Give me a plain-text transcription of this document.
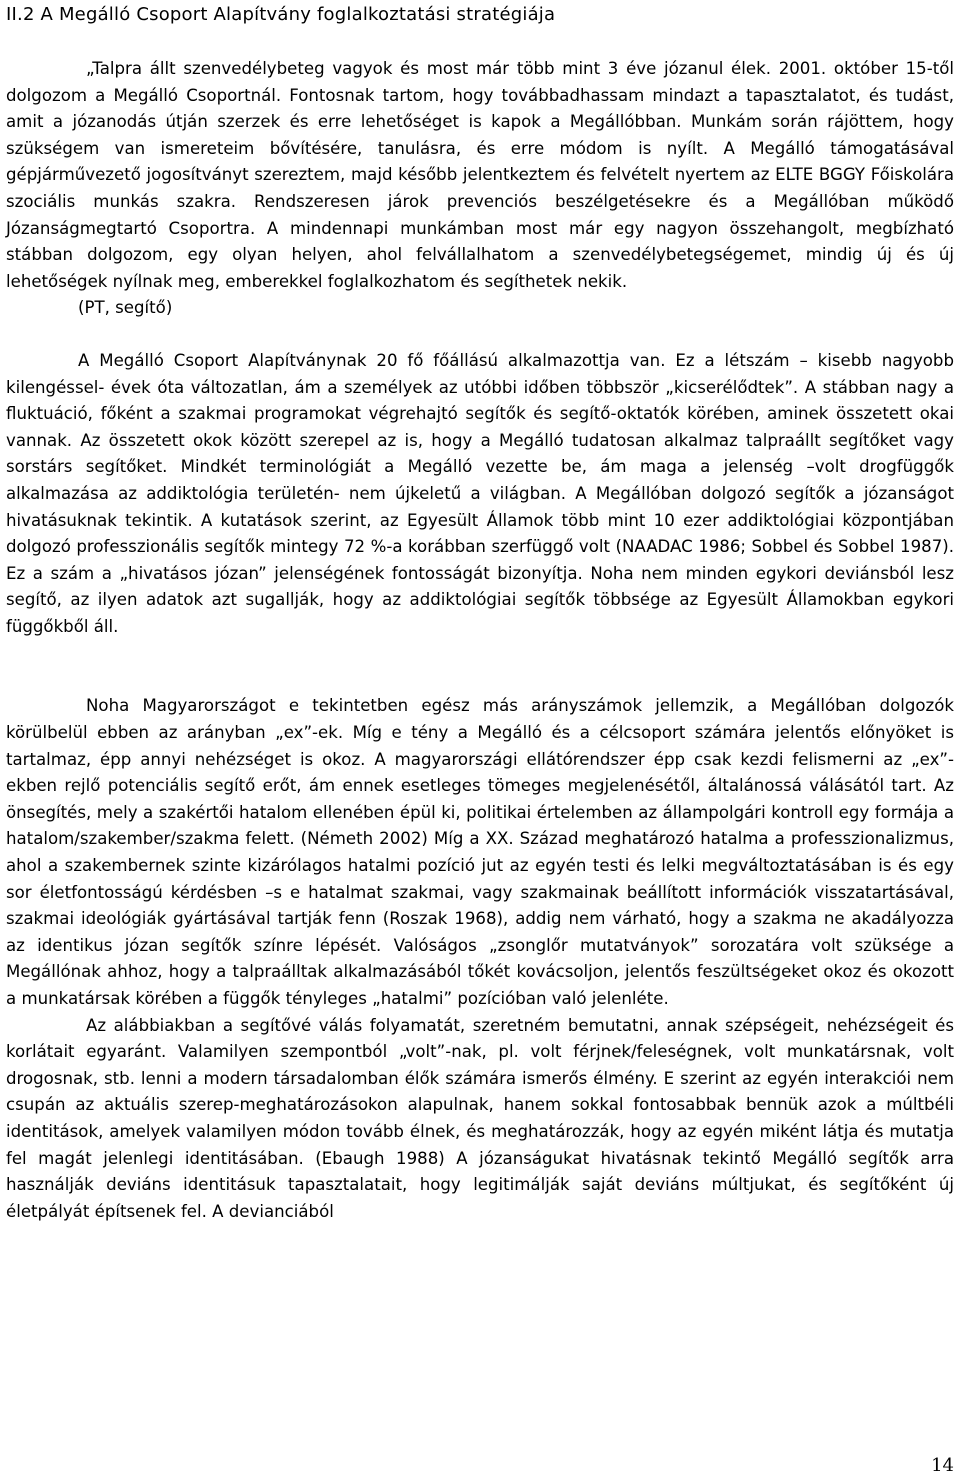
II.2 A Megálló Csoport Alapítvány foglalkoztatási stratégiája

„Talpra állt szenvedélybeteg vagyok és most már több mint 3 éve józanul élek. 2001. október 15-től dolgozom a Megálló Csoportnál. Fontosnak tartom, hogy továbbadhassam mindazt a tapasztalatot, és tudást, amit a józanodás útján szerzek és erre lehetőséget is kapok a Megállóbban. Munkám során rájöttem, hogy szükségem van ismereteim bővítésére, tanulásra, és erre módom is nyílt. A Megálló támogatásával gépjárművezető jogosítványt szereztem, majd később jelentkeztem és felvételt nyertem az ELTE BGGY Főiskolára szociális munkás szakra. Rendszeresen járok prevenciós beszélgetésekre és a Megállóban működő Józanságmegtartó Csoportra. A mindennapi munkámban most már egy nagyon összehangolt, megbízható stábban dolgozom, egy olyan helyen, ahol felvállalhatom a szenvedélybetegségemet, mindig új és új lehetőségek nyílnak meg, emberekkel foglalkozhatom és segíthetek nekik.

(PT, segítő)

A Megálló Csoport Alapítványnak 20 fő főállású alkalmazottja van. Ez a létszám – kisebb nagyobb kilengéssel- évek óta változatlan, ám a személyek az utóbbi időben többször „kicserélődtek”. A stábban nagy a fluktuáció, főként a szakmai programokat végrehajtó segítők és segítő-oktatók körében, aminek összetett okai vannak. Az összetett okok között szerepel az is, hogy a Megálló tudatosan alkalmaz talpraállt segítőket vagy sorstárs segítőket. Mindkét terminológiát a Megálló vezette be, ám maga a jelenség –volt drogfüggők alkalmazása az addiktológia területén- nem újkeletű a világban. A Megállóban dolgozó segítők a józanságot hivatásuknak tekintik. A kutatások szerint, az Egyesült Államok több mint 10 ezer addiktológiai központjában dolgozó professzionális segítők mintegy 72 %-a korábban szerfüggő volt (NAADAC 1986; Sobbel és Sobbel 1987). Ez a szám a „hivatásos józan” jelenségének fontosságát bizonyítja. Noha nem minden egykori deviánsból lesz segítő, az ilyen adatok azt sugallják, hogy az addiktológiai segítők többsége az Egyesült Államokban egykori függőkből áll.

Noha Magyarországot e tekintetben egész más arányszámok jellemzik, a Megállóban dolgozók körülbelül ebben az arányban „ex”-ek. Míg e tény a Megálló és a célcsoport számára jelentős előnyöket is tartalmaz, épp annyi nehézséget is okoz. A magyarországi ellátórendszer épp csak kezdi felismerni az „ex”-ekben rejlő potenciális segítő erőt, ám ennek esetleges tömeges megjelenésétől, általánossá válásától tart. Az önsegítés, mely a szakértői hatalom ellenében épül ki, politikai értelemben az állampolgári kontroll egy formája a hatalom/szakember/szakma felett. (Németh 2002) Míg a XX. Század meghatározó hatalma a professzionalizmus, ahol a szakembernek szinte kizárólagos hatalmi pozíció jut az egyén testi és lelki megváltoztatásában is és egy sor életfontosságú kérdésben –s e hatalmat szakmai, vagy szakmainak beállított információk visszatartásával, szakmai ideológiák gyártásával tartják fenn (Roszak 1968), addig nem várható, hogy a szakma ne akadályozza az identikus józan segítők színre lépését. Valóságos „zsonglőr mutatványok” sorozatára volt szüksége a Megállónak ahhoz, hogy a talpraálltak alkalmazásából tőkét kovácsoljon, jelentős feszültségeket okoz és okozott a munkatársak körében a függők tényleges „hatalmi” pozícióban való jelenléte.

Az alábbiakban a segítővé válás folyamatát, szeretném bemutatni, annak szépségeit, nehézségeit és korlátait egyaránt. Valamilyen szempontból „volt”-nak, pl. volt férjnek/feleségnek, volt munkatársnak, volt drogosnak, stb. lenni a modern társadalomban élők számára ismerős élmény. E szerint az egyén interakciói nem csupán az aktuális szerep-meghatározásokon alapulnak, hanem sokkal fontosabbak bennük azok a múltbéli identitások, amelyek valamilyen módon tovább élnek, és meghatározzák, hogy az egyén miként látja és mutatja fel magát jelenlegi identitásában. (Ebaugh 1988) A józanságukat hivatásnak tekintő Megálló segítők arra használják deviáns identitásuk tapasztalatait, hogy legitimálják saját deviáns múltjukat, és segítőként új életpályát építsenek fel. A devianciából

14
